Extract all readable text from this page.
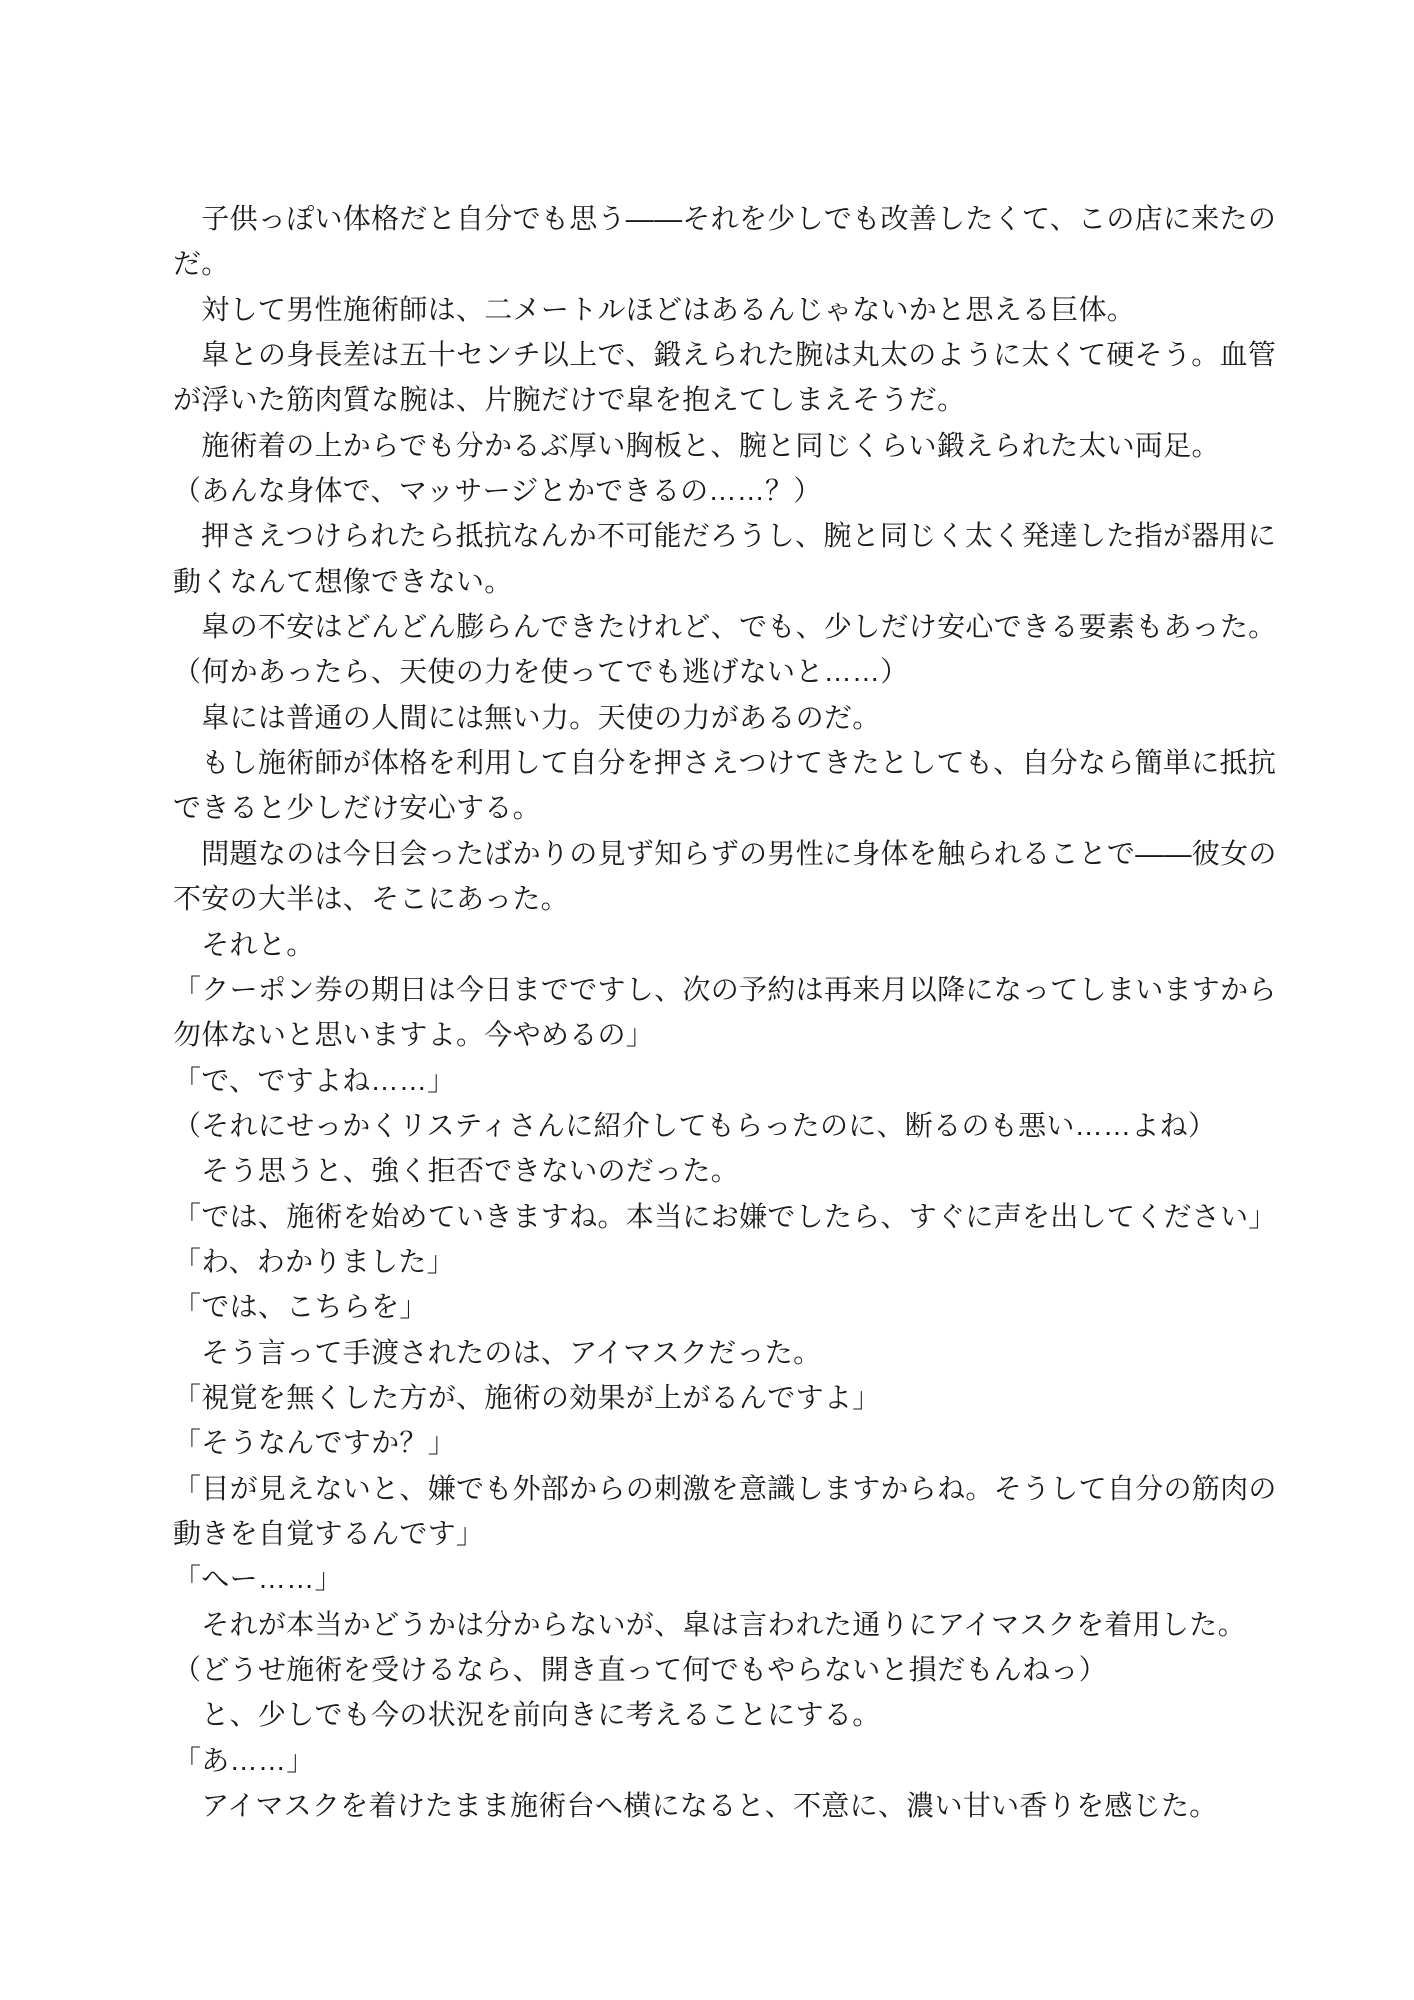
　子供っぽい体格だと自分でも思う——それを少しでも改善したくて、この店に来たの
だ。
　対して男性施術師は、二メートルほどはあるんじゃないかと思える巨体。
　皐との身長差は五十センチ以上で、鍛えられた腕は丸太のように太くて硬そう。血管
が浮いた筋肉質な腕は、片腕だけで皐を抱えてしまえそうだ。
　施術着の上からでも分かるぶ厚い胸板と、腕と同じくらい鍛えられた太い両足。
（あんな身体で、マッサージとかできるの……？）
　押さえつけられたら抵抗なんか不可能だろうし、腕と同じく太く発達した指が器用に
動くなんて想像できない。
　皐の不安はどんどん膨らんできたけれど、でも、少しだけ安心できる要素もあった。
（何かあったら、天使の力を使ってでも逃げないと……）
　皐には普通の人間には無い力。天使の力があるのだ。
　もし施術師が体格を利用して自分を押さえつけてきたとしても、自分なら簡単に抵抗
できると少しだけ安心する。
　問題なのは今日会ったばかりの見ず知らずの男性に身体を触られることで——彼女の
不安の大半は、そこにあった。
　それと。
「クーポン券の期日は今日までですし、次の予約は再来月以降になってしまいますから
勿体ないと思いますよ。今やめるの」
「で、ですよね……」
（それにせっかくリスティさんに紹介してもらったのに、断るのも悪い……よね）
　そう思うと、強く拒否できないのだった。
「では、施術を始めていきますね。本当にお嫌でしたら、すぐに声を出してください」
「わ、わかりました」
「では、こちらを」
　そう言って手渡されたのは、アイマスクだった。
「視覚を無くした方が、施術の効果が上がるんですよ」
「そうなんですか？」
「目が見えないと、嫌でも外部からの刺激を意識しますからね。そうして自分の筋肉の
動きを自覚するんです」
「へー……」
　それが本当かどうかは分からないが、皐は言われた通りにアイマスクを着用した。
（どうせ施術を受けるなら、開き直って何でもやらないと損だもんねっ）
　と、少しでも今の状況を前向きに考えることにする。
「あ……」
　アイマスクを着けたまま施術台へ横になると、不意に、濃い甘い香りを感じた。
